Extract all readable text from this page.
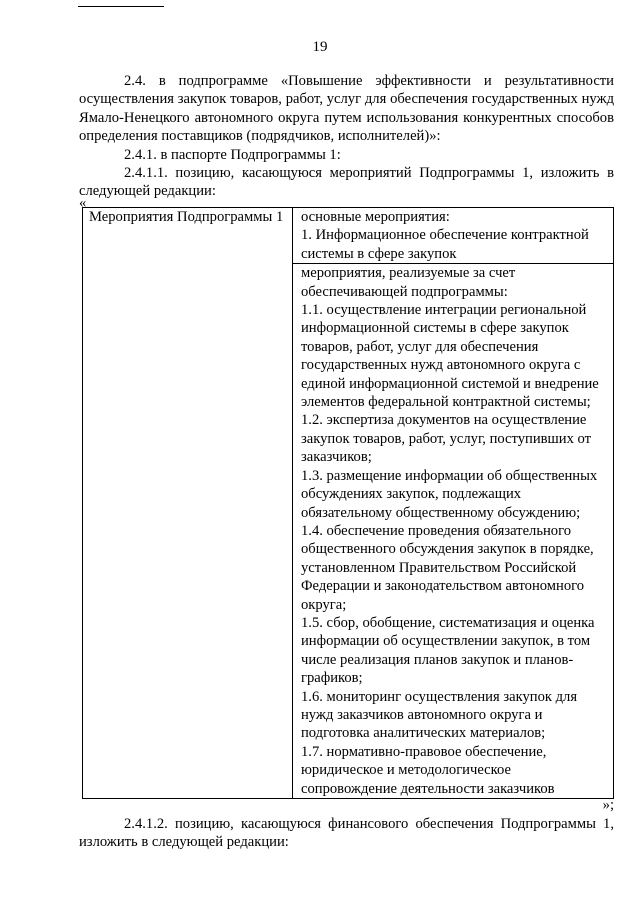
19

2.4. в подпрограмме «Повышение эффективности и результативности осуществления закупок товаров, работ, услуг для обеспечения государственных нужд Ямало-Ненецкого автономного округа путем использования конкурентных способов определения поставщиков (подрядчиков, исполнителей)»:

2.4.1. в паспорте Подпрограммы 1:

2.4.1.1. позицию, касающуюся мероприятий Подпрограммы 1, изложить в следующей редакции:

«
Мероприятия Подпрограммы 1	основные мероприятия:
1. Информационное обеспечение контрактной системы в сфере закупок
мероприятия, реализуемые за счет обеспечивающей подпрограммы:
1.1. осуществление интеграции региональной информационной системы в сфере закупок товаров, работ, услуг для обеспечения государственных нужд автономного округа с единой информационной системой и внедрение элементов федеральной контрактной системы;
1.2. экспертиза документов на осуществление закупок товаров, работ, услуг, поступивших от заказчиков;
1.3. размещение информации об общественных обсуждениях закупок, подлежащих обязательному общественному обсуждению;
1.4. обеспечение проведения обязательного общественного обсуждения закупок в порядке, установленном Правительством Российской Федерации и законодательством автономного округа;
1.5. сбор, обобщение, систематизация и оценка информации об осуществлении закупок, в том числе реализация планов закупок и планов-графиков;
1.6. мониторинг осуществления закупок для нужд заказчиков автономного округа и подготовка аналитических материалов;
1.7. нормативно-правовое обеспечение, юридическое и методологическое сопровождение деятельности заказчиков
»;

2.4.1.2. позицию, касающуюся финансового обеспечения Подпрограммы 1, изложить в следующей редакции:
